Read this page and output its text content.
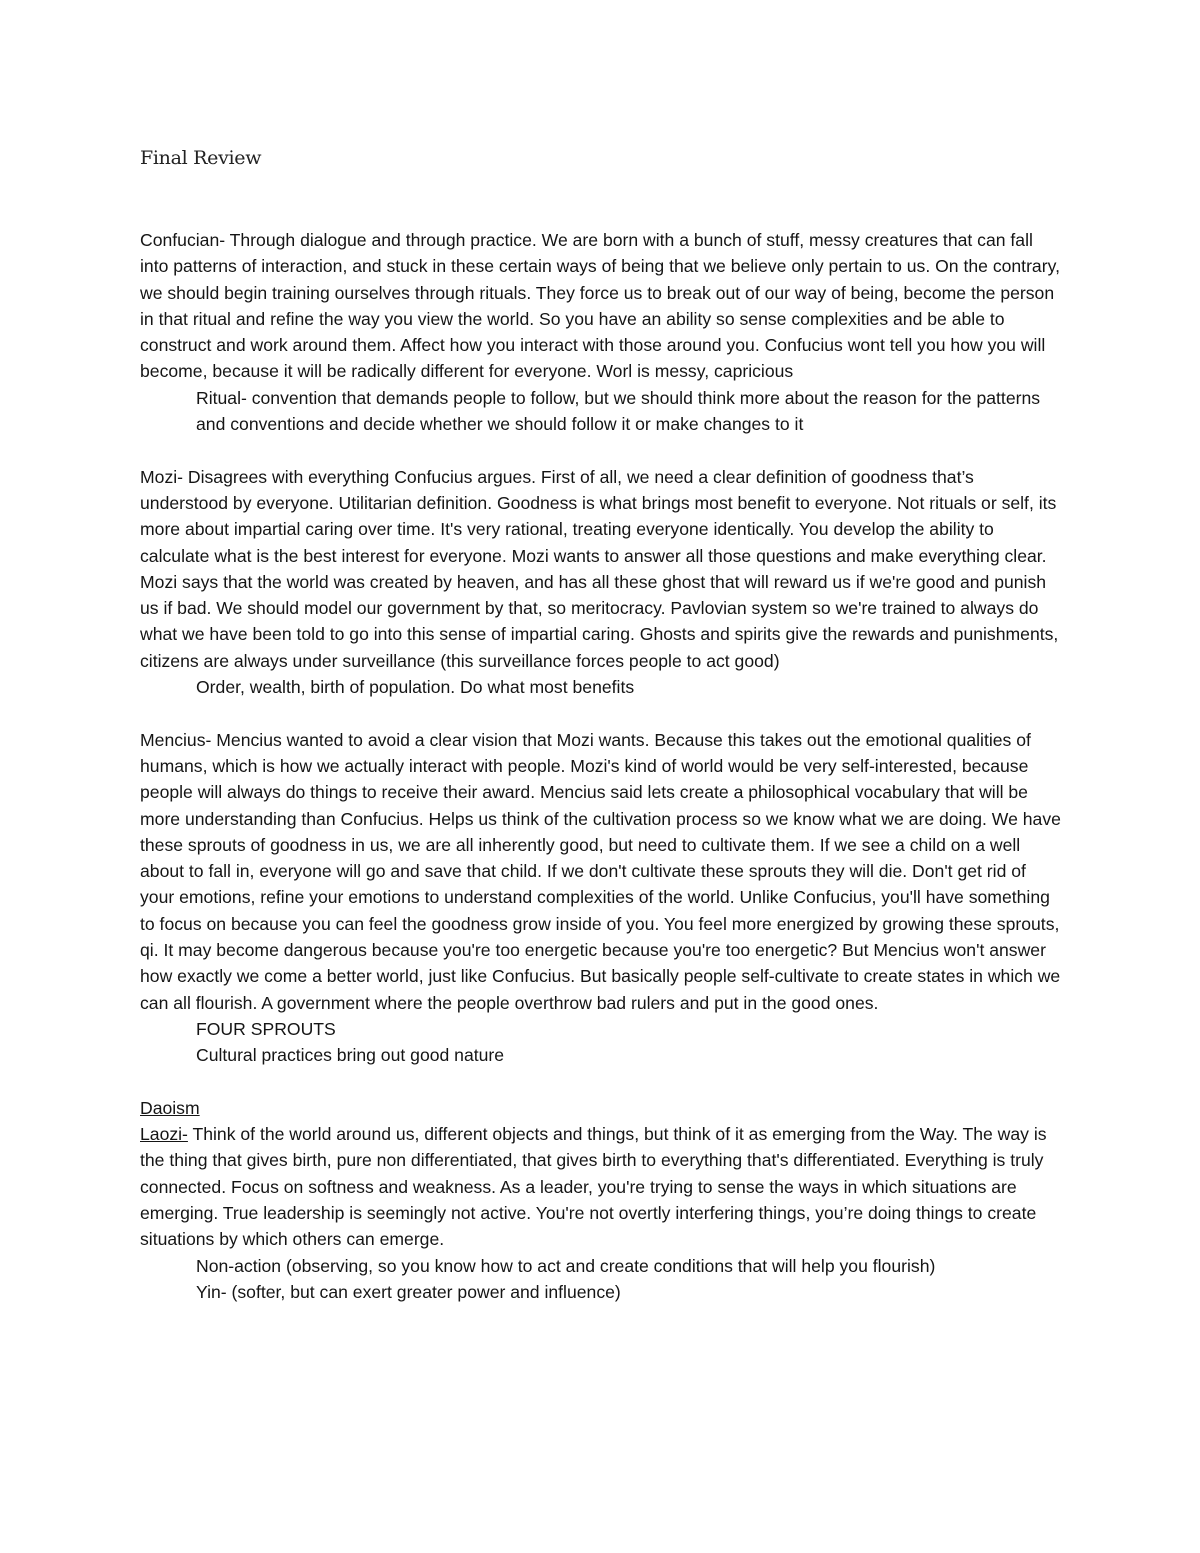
Final Review

Confucian- Through dialogue and through practice. We are born with a bunch of stuff, messy creatures that can fall into patterns of interaction, and stuck in these certain ways of being that we believe only pertain to us. On the contrary, we should begin training ourselves through rituals. They force us to break out of our way of being, become the person in that ritual and refine the way you view the world. So you have an ability so sense complexities and be able to construct and work around them. Affect how you interact with those around you. Confucius wont tell you how you will become, because it will be radically different for everyone. Worl is messy, capricious

Ritual- convention that demands people to follow, but we should think more about the reason for the patterns and conventions and decide whether we should follow it or make changes to it

Mozi- Disagrees with everything Confucius argues. First of all, we need a clear definition of goodness that’s understood by everyone. Utilitarian definition. Goodness is what brings most benefit to everyone. Not rituals or self, its more about impartial caring over time. It's very rational, treating everyone identically. You develop the ability to calculate what is the best interest for everyone. Mozi wants to answer all those questions and make everything clear. Mozi says that the world was created by heaven, and has all these ghost that will reward us if we're good and punish us if bad. We should model our government by that, so meritocracy. Pavlovian system so we're trained to always do what we have been told to go into this sense of impartial caring. Ghosts and spirits give the rewards and punishments, citizens are always under surveillance (this surveillance forces people to act good)

Order, wealth, birth of population. Do what most benefits

Mencius- Mencius wanted to avoid a clear vision that Mozi wants. Because this takes out the emotional qualities of humans, which is how we actually interact with people. Mozi's kind of world would be very self-interested, because people will always do things to receive their award. Mencius said lets create a philosophical vocabulary that will be more understanding than Confucius. Helps us think of the cultivation process so we know what we are doing. We have these sprouts of goodness in us, we are all inherently good, but need to cultivate them. If we see a child on a well about to fall in, everyone will go and save that child. If we don't cultivate these sprouts they will die. Don't get rid of your emotions, refine your emotions to understand complexities of the world. Unlike Confucius, you'll have something to focus on because you can feel the goodness grow inside of you. You feel more energized by growing these sprouts, qi. It may become dangerous because you're too energetic because you're too energetic? But Mencius won't answer how exactly we come a better world, just like Confucius. But basically people self-cultivate to create states in which we can all flourish. A government where the people overthrow bad rulers and put in the good ones.

FOUR SPROUTS

Cultural practices bring out good nature

Daoism

Laozi- Think of the world around us, different objects and things, but think of it as emerging from the Way. The way is the thing that gives birth, pure non differentiated, that gives birth to everything that's differentiated. Everything is truly connected. Focus on softness and weakness. As a leader, you're trying to sense the ways in which situations are emerging. True leadership is seemingly not active. You're not overtly interfering things, you’re doing things to create situations by which others can emerge.

Non-action (observing, so you know how to act and create conditions that will help you flourish)

Yin- (softer, but can exert greater power and influence)
